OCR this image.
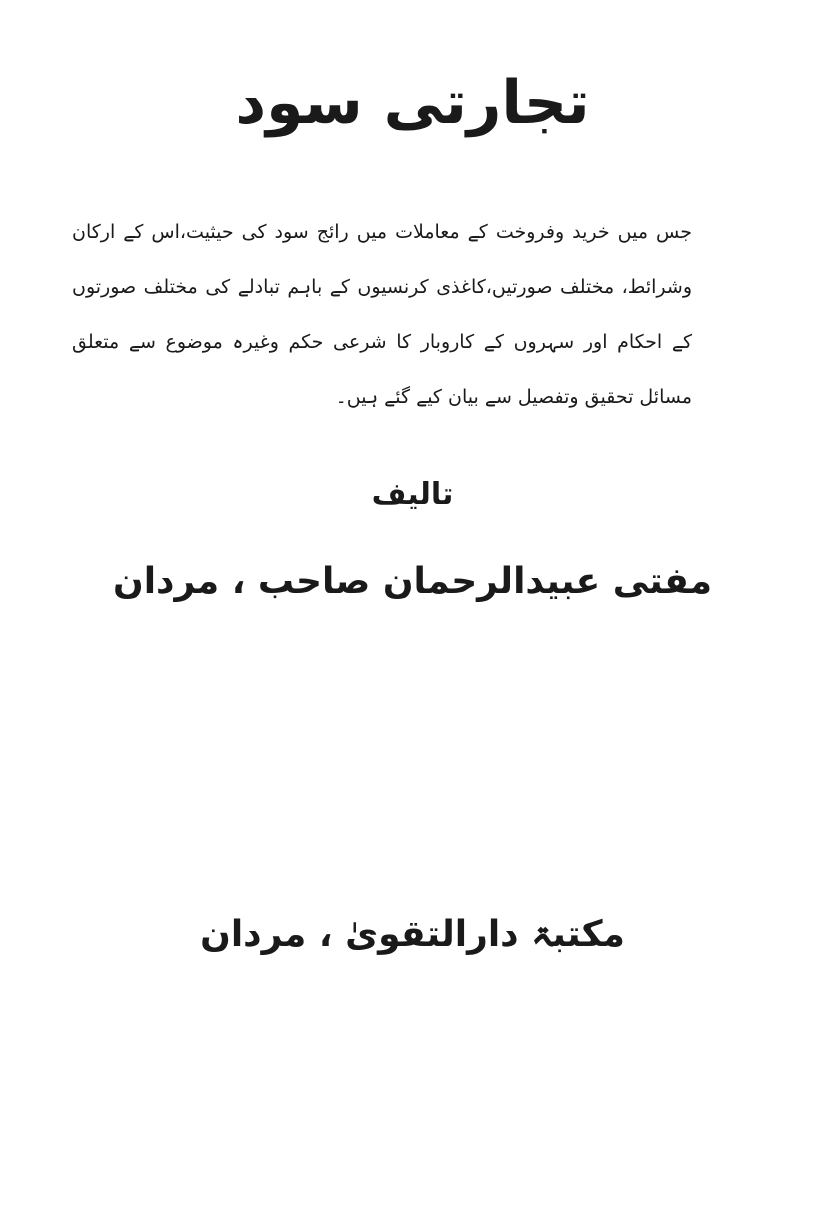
تجارتی سود

جس میں خرید وفروخت کے معاملات میں رائج سود کی حیثیت،اس کے ارکان وشرائط، مختلف صورتیں،کاغذی کرنسیوں کے باہم تبادلے کی مختلف صورتوں کے احکام اور سہروں کے کاروبار کا شرعی حکم وغیرہ موضوع سے متعلق مسائل تحقیق وتفصیل سے بیان کیے گئے ہیں۔

تالیف
مفتی عبیدالرحمان صاحب ، مردان
مکتبۃ دارالتقویٰ ، مردان
